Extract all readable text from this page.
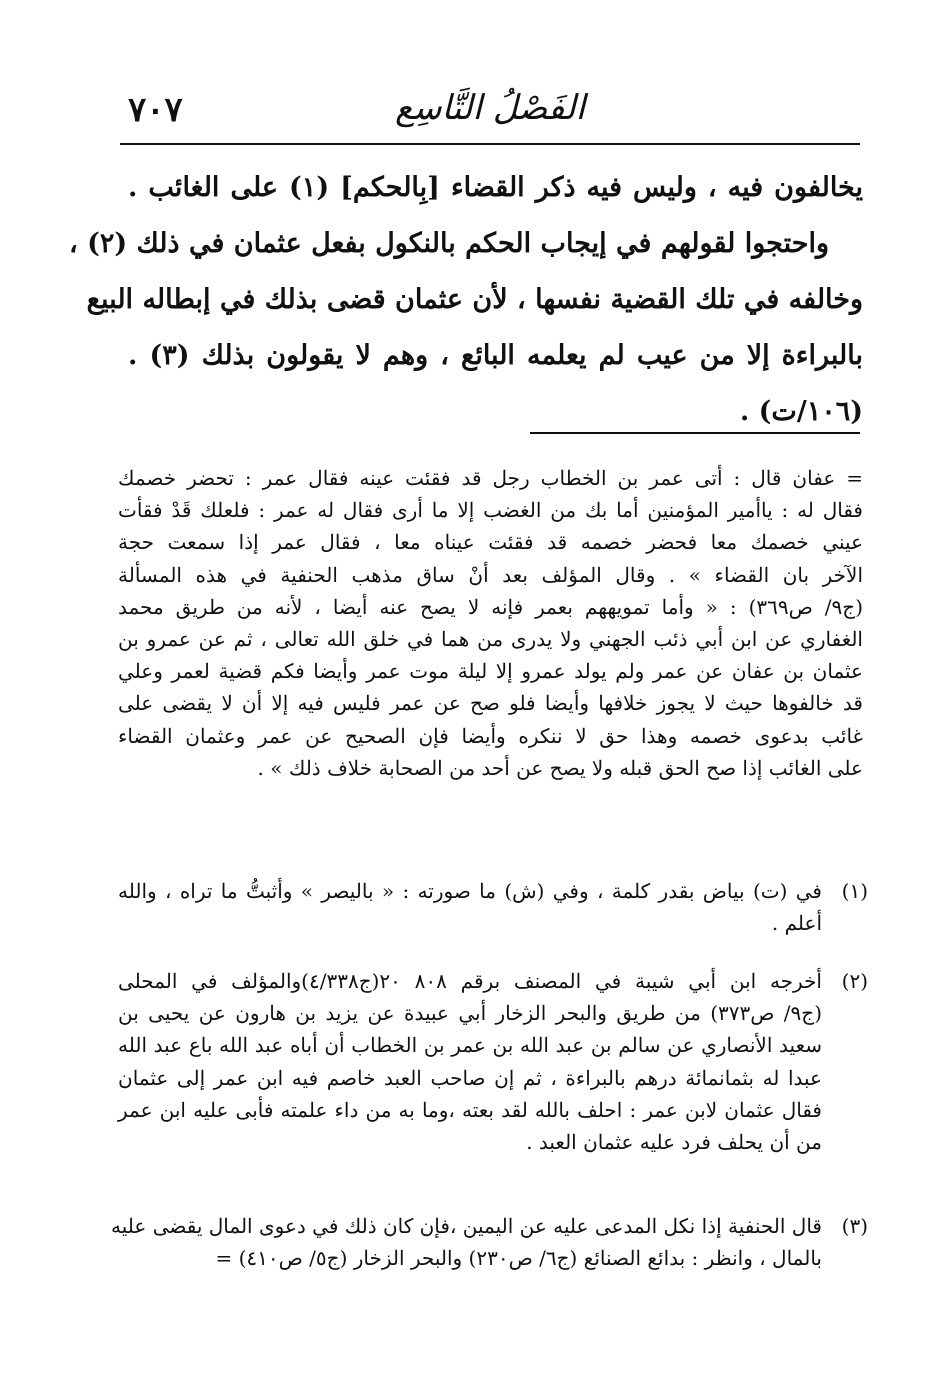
الفَصْلُ التَّاسِع
٧٠٧
يخالفون فيه ، وليس فيه ذكر القضاء [بِالحكم] (١) على الغائب .
واحتجوا لقولهم في إيجاب الحكم بالنكول بفعل عثمان في ذلك (٢) ،
وخالفه في تلك القضية نفسها ، لأن عثمان قضى بذلك في إبطاله البيع
بالبراءة إلا من عيب لم يعلمه البائع ، وهم لا يقولون بذلك (٣) .
(١٠٦/ت) .
= عفان قال : أتى عمر بن الخطاب رجل قد فقئت عينه فقال عمر : تحضر خصمك
فقال له : ياأمير المؤمنين أما بك من الغضب إلا ما أرى فقال له عمر : فلعلك قَدْ فقأت
عيني خصمك معا فحضر خصمه قد فقئت عيناه معا ، فقال عمر إذا سمعت حجة
الآخر بان القضاء » . وقال المؤلف بعد أنْ ساق مذهب الحنفية في هذه المسألة
(ج٩/ ص٣٦٩) : « وأما تمويههم بعمر فإنه لا يصح عنه أيضا ، لأنه من طريق محمد
الغفاري عن ابن أبي ذئب الجهني ولا يدرى من هما في خلق الله تعالى ، ثم عن عمرو بن
عثمان بن عفان عن عمر ولم يولد عمرو إلا ليلة موت عمر وأيضا فكم قضية لعمر وعلي
قد خالفوها حيث لا يجوز خلافها وأيضا فلو صح عن عمر فليس فيه إلا أن لا يقضى على
غائب بدعوى خصمه وهذا حق لا ننكره وأيضا فإن الصحيح عن عمر وعثمان القضاء
على الغائب إذا صح الحق قبله ولا يصح عن أحد من الصحابة خلاف ذلك » .
(١)
في (ت) بياض بقدر كلمة ، وفي (ش) ما صورته : « باليصر » وأثبتُّ ما تراه ، والله
أعلم .
(٢)
أخرجه ابن أبي شيبة في المصنف برقم ٨٠٨ ٢٠(ج٤/٣٣٨)والمؤلف في المحلى
(ج٩/ ص٣٧٣) من طريق والبحر الزخار أبي عبيدة عن يزيد بن هارون عن يحيى بن
سعيد الأنصاري عن سالم بن عبد الله بن عمر بن الخطاب أن أباه عبد الله باع عبد الله
عبدا له بثمانمائة درهم بالبراءة ، ثم إن صاحب العبد خاصم فيه ابن عمر إلى عثمان
فقال عثمان لابن عمر : احلف بالله لقد بعته ،وما به من داء علمته فأبى عليه ابن عمر
من أن يحلف فرد عليه عثمان العبد .
(٣)
قال الحنفية إذا نكل المدعى عليه عن اليمين ،فإن كان ذلك في دعوى المال يقضى عليه
بالمال ، وانظر : بدائع الصنائع (ج٦/ ص٢٣٠) والبحر الزخار (ج٥/ ص٤١٠) =
